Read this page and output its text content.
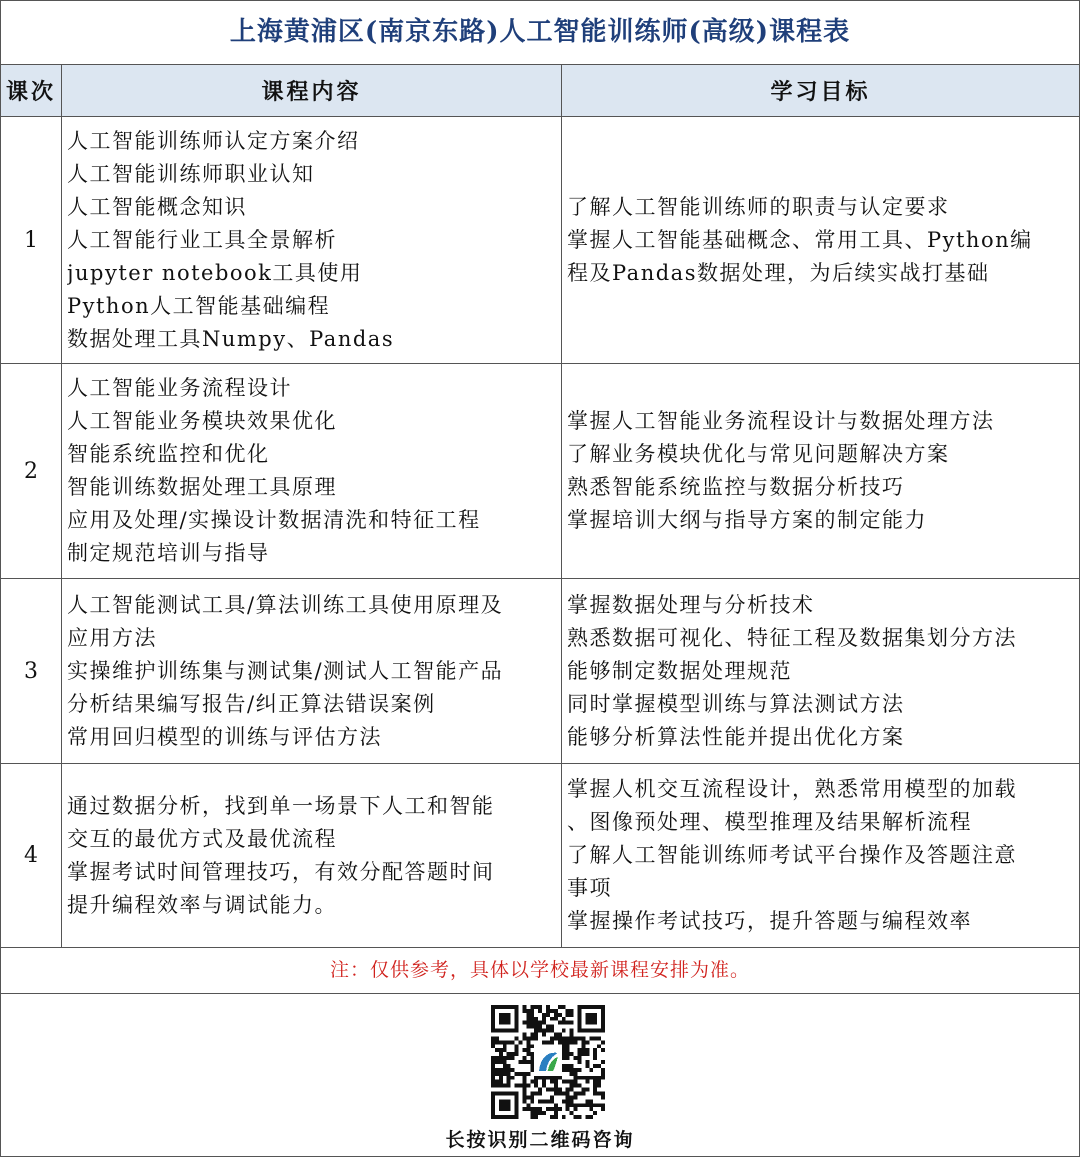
上海黄浦区(南京东路)人工智能训练师(高级)课程表
课次	课程内容	学习目标
1
人工智能训练师认定方案介绍
人工智能训练师职业认知
人工智能概念知识
人工智能行业工具全景解析
jupyter notebook工具使用
Python人工智能基础编程
数据处理工具Numpy、Pandas
了解人工智能训练师的职责与认定要求
掌握人工智能基础概念、常用工具、Python编
程及Pandas数据处理，为后续实战打基础
2
人工智能业务流程设计
人工智能业务模块效果优化
智能系统监控和优化
智能训练数据处理工具原理
应用及处理/实操设计数据清洗和特征工程
制定规范培训与指导
掌握人工智能业务流程设计与数据处理方法
了解业务模块优化与常见问题解决方案
熟悉智能系统监控与数据分析技巧
掌握培训大纲与指导方案的制定能力
3
人工智能测试工具/算法训练工具使用原理及
应用方法
实操维护训练集与测试集/测试人工智能产品
分析结果编写报告/纠正算法错误案例
常用回归模型的训练与评估方法
掌握数据处理与分析技术
熟悉数据可视化、特征工程及数据集划分方法
能够制定数据处理规范
同时掌握模型训练与算法测试方法
能够分析算法性能并提出优化方案
4
通过数据分析，找到单一场景下人工和智能
交互的最优方式及最优流程
掌握考试时间管理技巧，有效分配答题时间
提升编程效率与调试能力。
掌握人机交互流程设计，熟悉常用模型的加载
、图像预处理、模型推理及结果解析流程
了解人工智能训练师考试平台操作及答题注意
事项
掌握操作考试技巧，提升答题与编程效率
注：仅供参考，具体以学校最新课程安排为准。
长按识别二维码咨询
